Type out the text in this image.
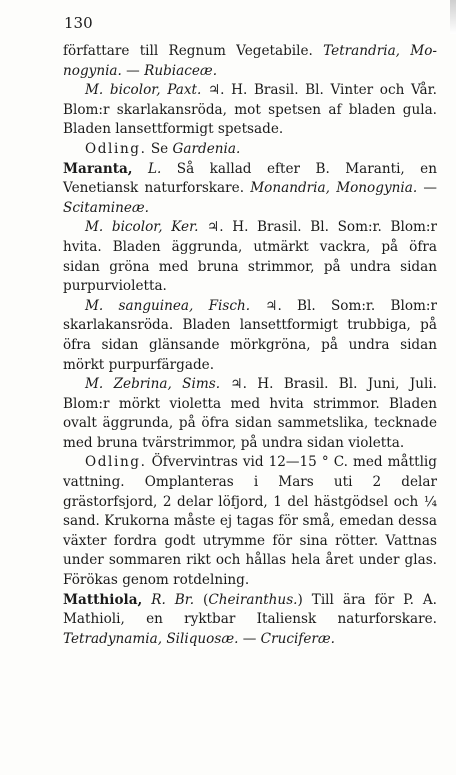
130

författare till Regnum Vegetabile. Tetrandria, Mo-nogynia. — Rubiaceæ.

M. bicolor, Paxt. ♃. H. Brasil. Bl. Vinter och Vår. Blom:r skarlakansröda, mot spetsen af bladen gula. Bladen lansettformigt spetsade.

Odling. Se Gardenia.

Maranta, L. Så kallad efter B. Maranti, en Venetiansk naturforskare. Monandria, Monogynia. — Scitamineæ.

M. bicolor, Ker. ♃. H. Brasil. Bl. Som:r. Blom:r hvita. Bladen äggrunda, utmärkt vackra, på öfra sidan gröna med bruna strimmor, på undra sidan purpurvioletta.

M. sanguinea, Fisch. ♃. Bl. Som:r. Blom:r skarlakansröda. Bladen lansettformigt trubbiga, på öfra sidan glänsande mörkgröna, på undra sidan mörkt purpurfärgade.

M. Zebrina, Sims. ♃. H. Brasil. Bl. Juni, Juli. Blom:r mörkt violetta med hvita strimmor. Bladen ovalt äggrunda, på öfra sidan sammetslika, tecknade med bruna tvärstrimmor, på undra sidan violetta.

Odling. Öfvervintras vid 12—15 ° C. med måttlig vattning. Omplanteras i Mars uti 2 delar grästorfsjord, 2 delar löfjord, 1 del hästgödsel och ¼ sand. Krukorna måste ej tagas för små, emedan dessa växter fordra godt utrymme för sina rötter. Vattnas under sommaren rikt och hållas hela året under glas. Förökas genom rotdelning.

Matthiola, R. Br. (Cheiranthus.) Till ära för P. A. Mathioli, en ryktbar Italiensk naturforskare. Tetradynamia, Siliquosæ. — Cruciferæ.
